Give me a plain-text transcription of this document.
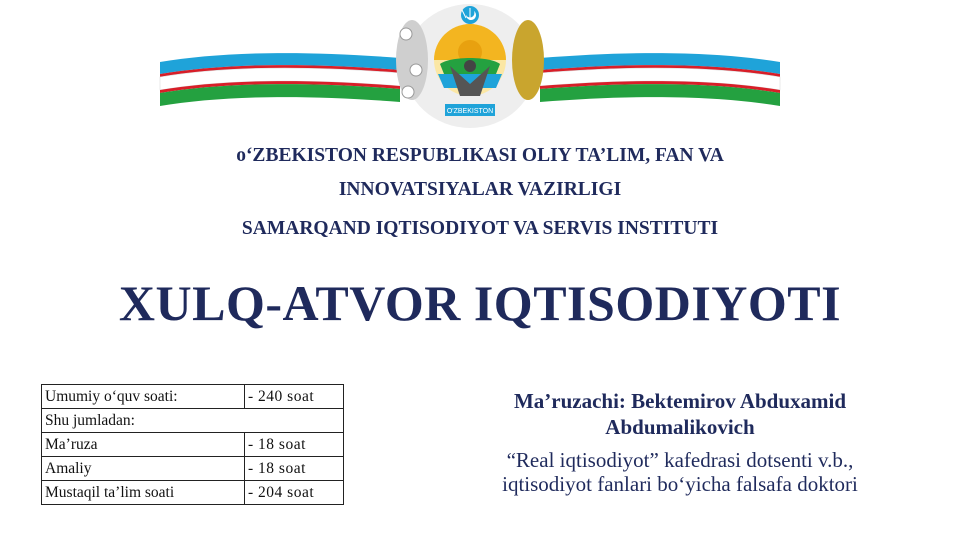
O'ZBEKISTON
o‘ZBEKISTON RESPUBLIKASI OLIY TA’LIM, FAN VA
INNOVATSIYALAR VAZIRLIGI
SAMARQAND IQTISODIYOT VA SERVIS INSTITUTI
XULQ-ATVOR IQTISODIYOTI
Umumiy o‘quv soati:	- 240 soat
Shu jumladan:	
Ma’ruza	- 18 soat
Amaliy	- 18 soat
Mustaqil ta’lim soati	- 204 soat
Ma’ruzachi: Bektemirov Abduxamid
Abdumalikovich
“Real iqtisodiyot” kafedrasi dotsenti v.b.,
iqtisodiyot fanlari bo‘yicha falsafa doktori
